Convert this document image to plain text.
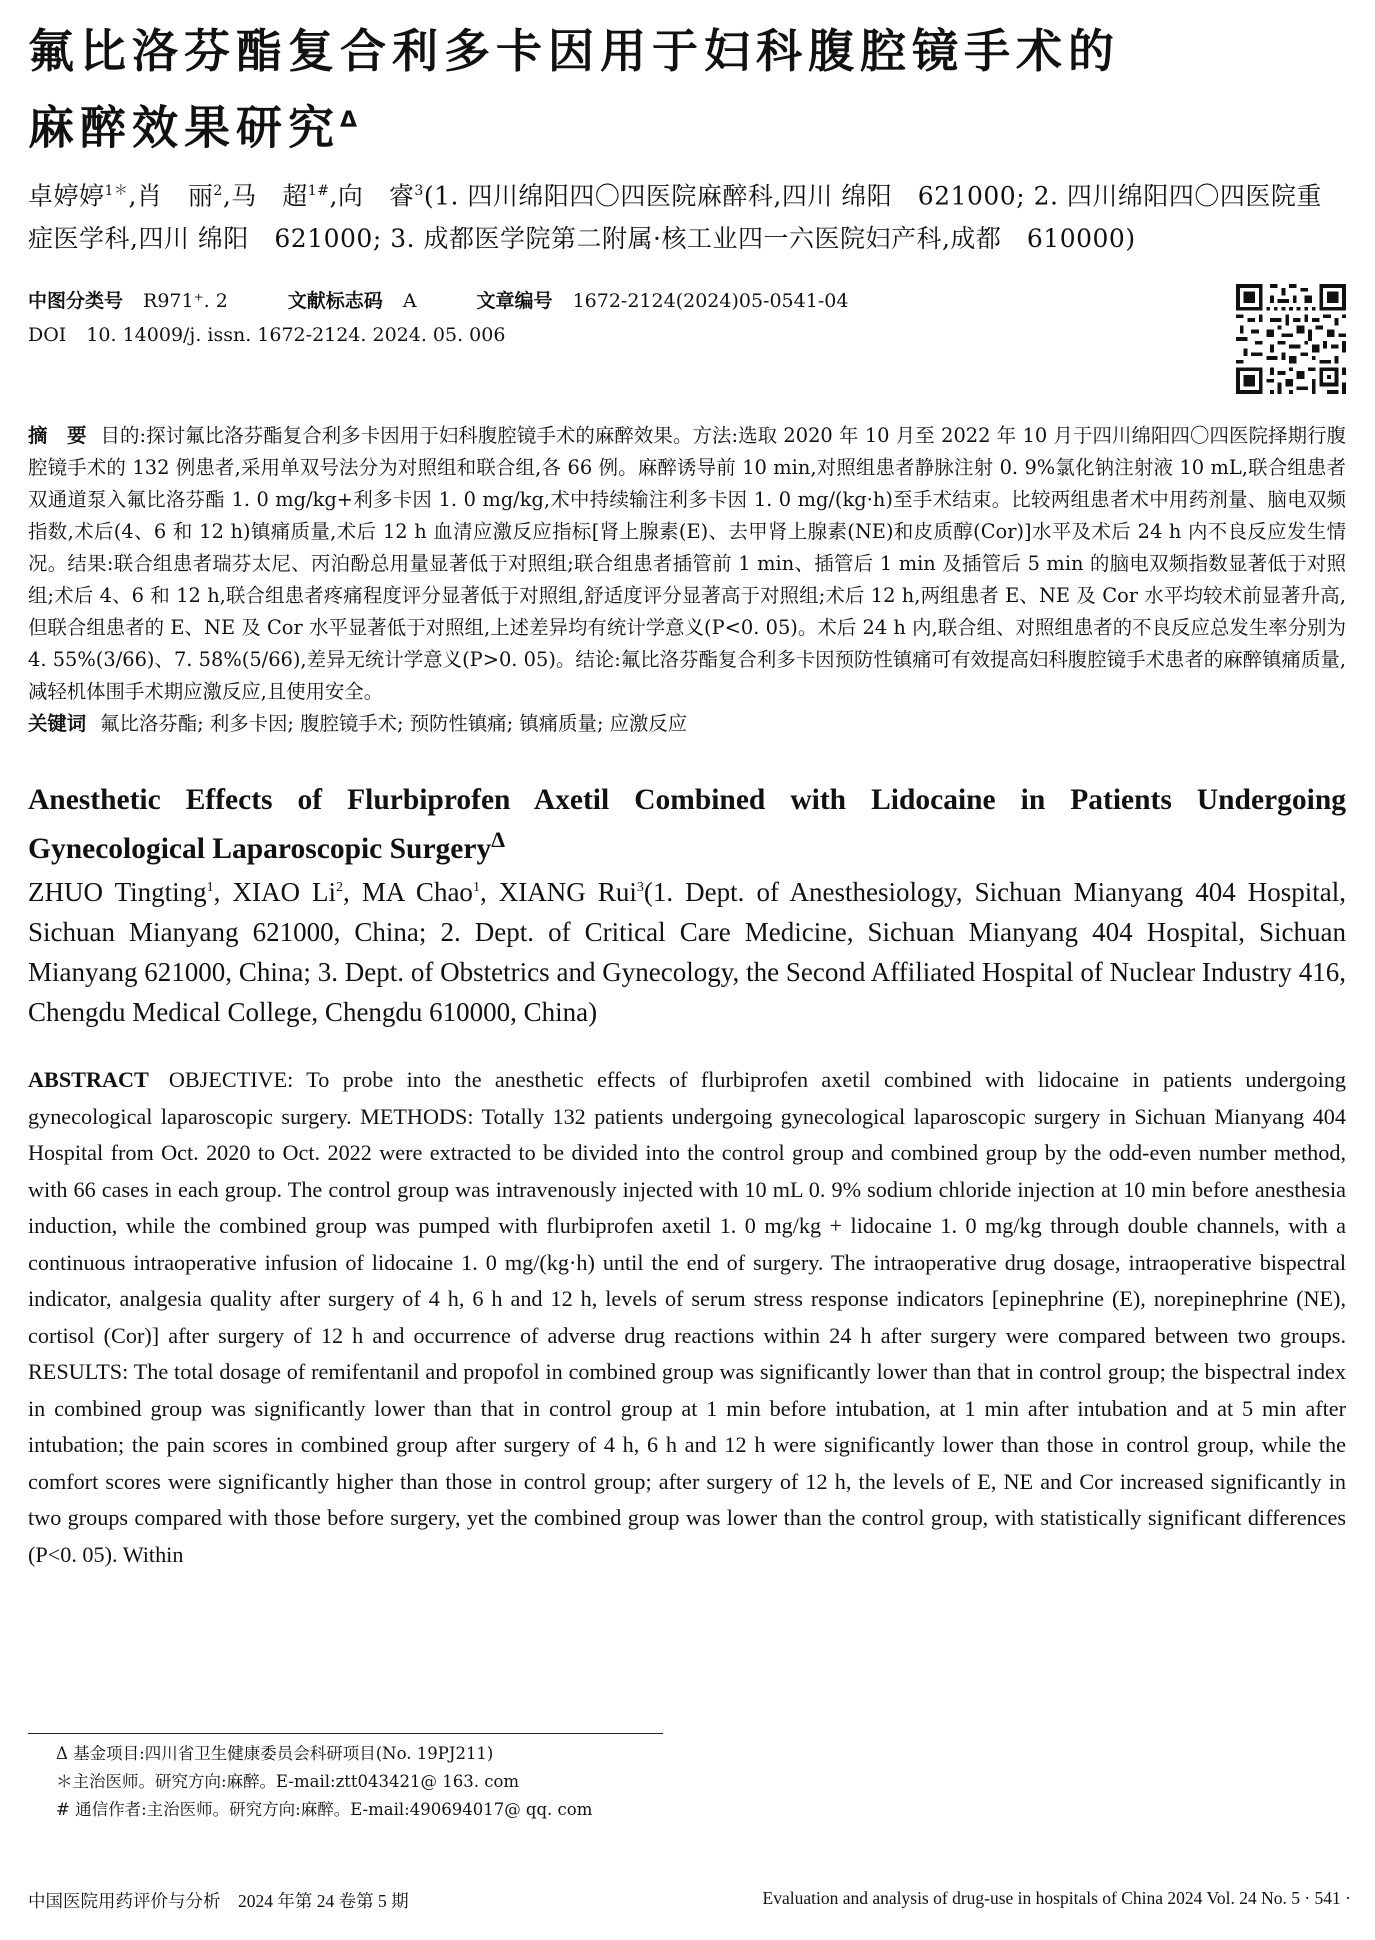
氟比洛芬酯复合利多卡因用于妇科腹腔镜手术的
麻醉效果研究$^\Delta$
卓婷婷$^{1*}$,肖　丽$^2$,马　超$^{1\#}$,向　睿$^3$(1. 四川绵阳四〇四医院麻醉科,四川 绵阳　621000; 2. 四川绵阳四〇四医院重症医学科,四川 绵阳　621000; 3. 成都医学院第二附属·核工业四一六医院妇产科,成都　610000)
中图分类号 R971⁺. 2	文献标志码 A	文章编号 1672-2124(2024)05-0541-04
DOI 10. 14009/j. issn. 1672-2124. 2024. 05. 006
摘　要 目的:探讨氟比洛芬酯复合利多卡因用于妇科腹腔镜手术的麻醉效果。方法:选取 2020 年 10 月至 2022 年 10 月于四川绵阳四〇四医院择期行腹腔镜手术的 132 例患者,采用单双号法分为对照组和联合组,各 66 例。麻醉诱导前 10 min,对照组患者静脉注射 0. 9%氯化钠注射液 10 mL,联合组患者双通道泵入氟比洛芬酯 1. 0 mg/kg+利多卡因 1. 0 mg/kg,术中持续输注利多卡因 1. 0 mg/(kg·h)至手术结束。比较两组患者术中用药剂量、脑电双频指数,术后(4、6 和 12 h)镇痛质量,术后 12 h 血清应激反应指标[肾上腺素(E)、去甲肾上腺素(NE)和皮质醇(Cor)]水平及术后 24 h 内不良反应发生情况。结果:联合组患者瑞芬太尼、丙泊酚总用量显著低于对照组;联合组患者插管前 1 min、插管后 1 min 及插管后 5 min 的脑电双频指数显著低于对照组;术后 4、6 和 12 h,联合组患者疼痛程度评分显著低于对照组,舒适度评分显著高于对照组;术后 12 h,两组患者 E、NE 及 Cor 水平均较术前显著升高,但联合组患者的 E、NE 及 Cor 水平显著低于对照组,上述差异均有统计学意义(P<0. 05)。术后 24 h 内,联合组、对照组患者的不良反应总发生率分别为 4. 55%(3/66)、7. 58%(5/66),差异无统计学意义(P>0. 05)。结论:氟比洛芬酯复合利多卡因预防性镇痛可有效提高妇科腹腔镜手术患者的麻醉镇痛质量,减轻机体围手术期应激反应,且使用安全。
关键词 氟比洛芬酯; 利多卡因; 腹腔镜手术; 预防性镇痛; 镇痛质量; 应激反应
Anesthetic Effects of Flurbiprofen Axetil Combined with Lidocaine in Patients Undergoing Gynecological Laparoscopic Surgery$^\Delta$
ZHUO Tingting$^1$, XIAO Li$^2$, MA Chao$^1$, XIANG Rui$^3$(1. Dept. of Anesthesiology, Sichuan Mianyang 404 Hospital, Sichuan Mianyang 621000, China; 2. Dept. of Critical Care Medicine, Sichuan Mianyang 404 Hospital, Sichuan Mianyang 621000, China; 3. Dept. of Obstetrics and Gynecology, the Second Affiliated Hospital of Nuclear Industry 416, Chengdu Medical College, Chengdu 610000, China)
ABSTRACT OBJECTIVE: To probe into the anesthetic effects of flurbiprofen axetil combined with lidocaine in patients undergoing gynecological laparoscopic surgery. METHODS: Totally 132 patients undergoing gynecological laparoscopic surgery in Sichuan Mianyang 404 Hospital from Oct. 2020 to Oct. 2022 were extracted to be divided into the control group and combined group by the odd-even number method, with 66 cases in each group. The control group was intravenously injected with 10 mL 0. 9% sodium chloride injection at 10 min before anesthesia induction, while the combined group was pumped with flurbiprofen axetil 1. 0 mg/kg + lidocaine 1. 0 mg/kg through double channels, with a continuous intraoperative infusion of lidocaine 1. 0 mg/(kg·h) until the end of surgery. The intraoperative drug dosage, intraoperative bispectral indicator, analgesia quality after surgery of 4 h, 6 h and 12 h, levels of serum stress response indicators [epinephrine (E), norepinephrine (NE), cortisol (Cor)] after surgery of 12 h and occurrence of adverse drug reactions within 24 h after surgery were compared between two groups. RESULTS: The total dosage of remifentanil and propofol in combined group was significantly lower than that in control group; the bispectral index in combined group was significantly lower than that in control group at 1 min before intubation, at 1 min after intubation and at 5 min after intubation; the pain scores in combined group after surgery of 4 h, 6 h and 12 h were significantly lower than those in control group, while the comfort scores were significantly higher than those in control group; after surgery of 12 h, the levels of E, NE and Cor increased significantly in two groups compared with those before surgery, yet the combined group was lower than the control group, with statistically significant differences (P<0. 05). Within
Δ 基金项目:四川省卫生健康委员会科研项目(No. 19PJ211)
＊主治医师。研究方向:麻醉。E-mail:ztt043421@ 163. com
# 通信作者:主治医师。研究方向:麻醉。E-mail:490694017@ qq. com
中国医院用药评价与分析　2024 年第 24 卷第 5 期	Evaluation and analysis of drug-use in hospitals of China 2024 Vol. 24 No. 5 · 541 ·
